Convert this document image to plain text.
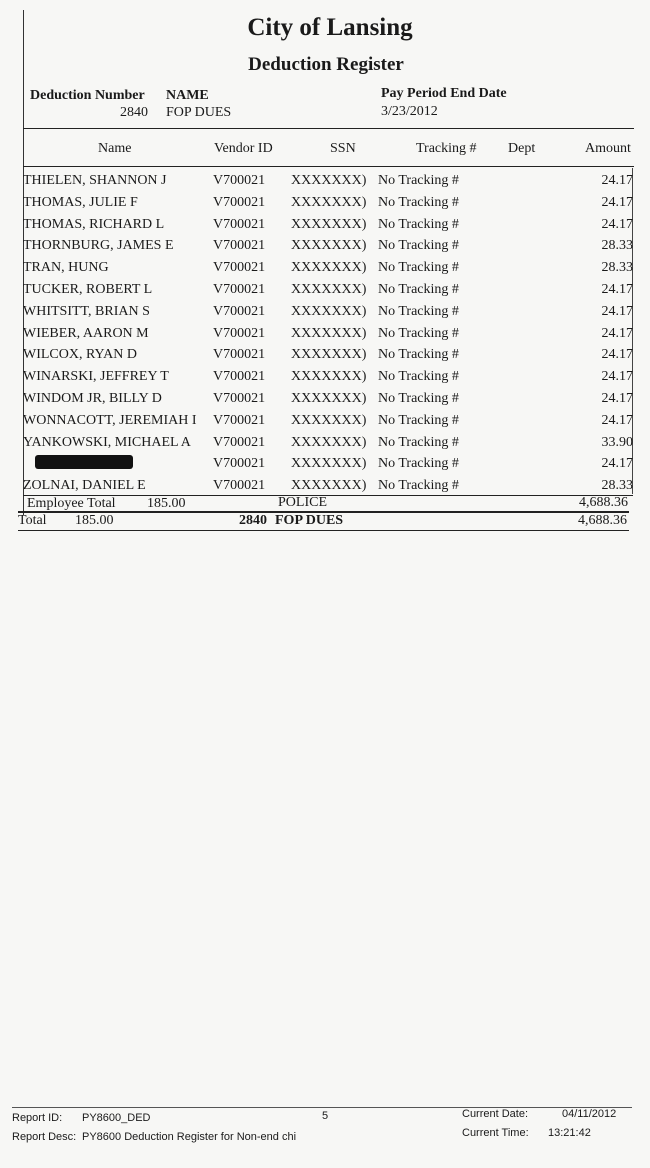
City of Lansing
Deduction Register
Deduction Number
2840
NAME
FOP DUES
Pay Period End Date
3/23/2012
Name	Vendor ID	SSN	Tracking # Dept	Amount
THIELEN, SHANNON J	V700021 XXXXXXX) No Tracking #	24.17
THOMAS, JULIE F	V700021 XXXXXXX) No Tracking #	24.17
THOMAS, RICHARD L	V700021 XXXXXXX) No Tracking #	24.17
THORNBURG, JAMES E	V700021 XXXXXXX) No Tracking #	28.33
TRAN, HUNG	V700021 XXXXXXX) No Tracking #	28.33
TUCKER, ROBERT L	V700021 XXXXXXX) No Tracking #	24.17
WHITSITT, BRIAN S	V700021 XXXXXXX) No Tracking #	24.17
WIEBER, AARON M	V700021 XXXXXXX) No Tracking #	24.17
WILCOX, RYAN D	V700021 XXXXXXX) No Tracking #	24.17
WINARSKI, JEFFREY T	V700021 XXXXXXX) No Tracking #	24.17
WINDOM JR, BILLY D	V700021 XXXXXXX) No Tracking #	24.17
WONNACOTT, JEREMIAH I	V700021 XXXXXXX) No Tracking #	24.17
YANKOWSKI, MICHAEL A	V700021 XXXXXXX) No Tracking #	33.90
V700021 XXXXXXX) No Tracking #	24.17
ZOLNAI, DANIEL E	V700021 XXXXXXX) No Tracking #	28.33
Employee Total 185.00	POLICE	4,688.36
Total 185.00	2840 FOP DUES	4,688.36
Report ID: PY8600_DED	5
Report Desc: PY8600 Deduction Register for Non-end chi
Current Date:	04/11/2012
Current Time: 13:21:42
